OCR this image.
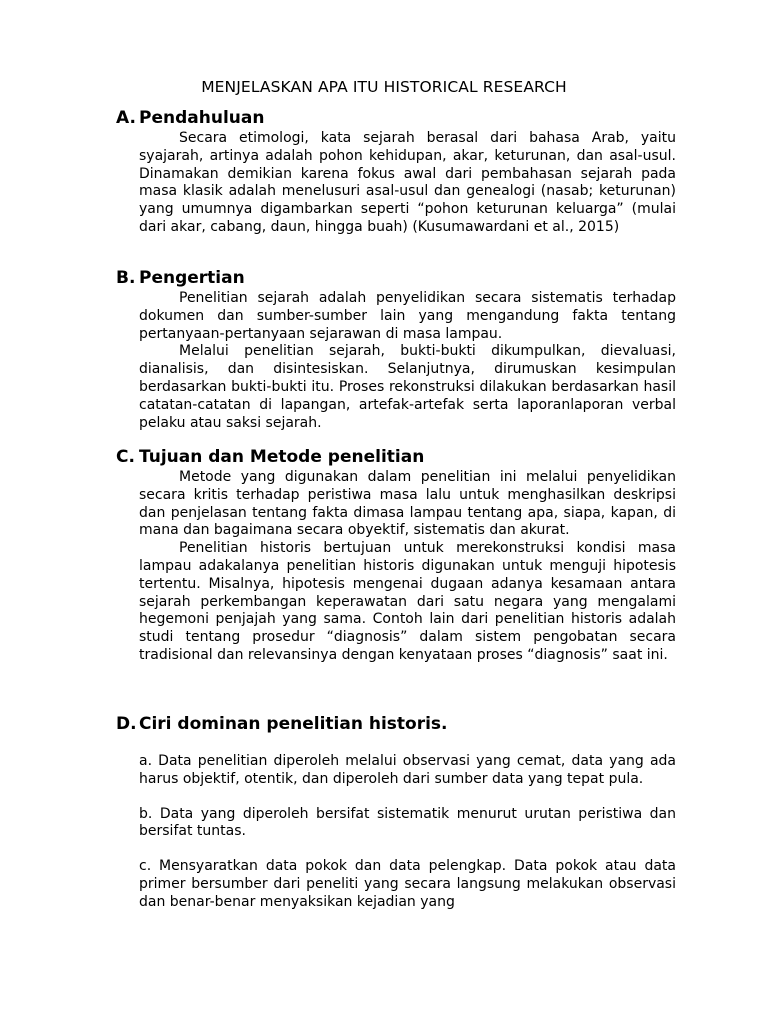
MENJELASKAN APA ITU HISTORICAL RESEARCH
A. Pendahuluan

Secara etimologi, kata sejarah berasal dari bahasa Arab, yaitu syajarah, artinya adalah pohon kehidupan, akar, keturunan, dan asal-usul. Dinamakan demikian karena fokus awal dari pembahasan sejarah pada masa klasik adalah menelusuri asal-usul dan genealogi (nasab; keturunan) yang umumnya digambarkan seperti “pohon keturunan keluarga” (mulai dari akar, cabang, daun, hingga buah) (Kusumawardani et al., 2015)

B. Pengertian

Penelitian sejarah adalah penyelidikan secara sistematis terhadap dokumen dan sumber-sumber lain yang mengandung fakta tentang pertanyaan-pertanyaan sejarawan di masa lampau.

Melalui penelitian sejarah, bukti-bukti dikumpulkan, dievaluasi, dianalisis, dan disintesiskan. Selanjutnya, dirumuskan kesimpulan berdasarkan bukti-bukti itu. Proses rekonstruksi dilakukan berdasarkan hasil catatan-catatan di lapangan, artefak-artefak serta laporanlaporan verbal pelaku atau saksi sejarah.

C. Tujuan dan Metode penelitian

Metode yang digunakan dalam penelitian ini melalui penyelidikan secara kritis terhadap peristiwa masa lalu untuk menghasilkan deskripsi dan penjelasan tentang fakta dimasa lampau tentang apa, siapa, kapan, di mana dan bagaimana secara obyektif, sistematis dan akurat.

Penelitian historis bertujuan untuk merekonstruksi kondisi masa lampau adakalanya penelitian historis digunakan untuk menguji hipotesis tertentu. Misalnya, hipotesis mengenai dugaan adanya kesamaan antara sejarah perkembangan keperawatan dari satu negara yang mengalami hegemoni penjajah yang sama. Contoh lain dari penelitian historis adalah studi tentang prosedur “diagnosis” dalam sistem pengobatan secara tradisional dan relevansinya dengan kenyataan proses “diagnosis” saat ini.

D. Ciri dominan penelitian historis.

a. Data penelitian diperoleh melalui observasi yang cemat, data yang ada harus objektif, otentik, dan diperoleh dari sumber data yang tepat pula.

b. Data yang diperoleh bersifat sistematik menurut urutan peristiwa dan bersifat tuntas.

c. Mensyaratkan data pokok dan data pelengkap. Data pokok atau data primer bersumber dari peneliti yang secara langsung melakukan observasi dan benar-benar menyaksikan kejadian yang
